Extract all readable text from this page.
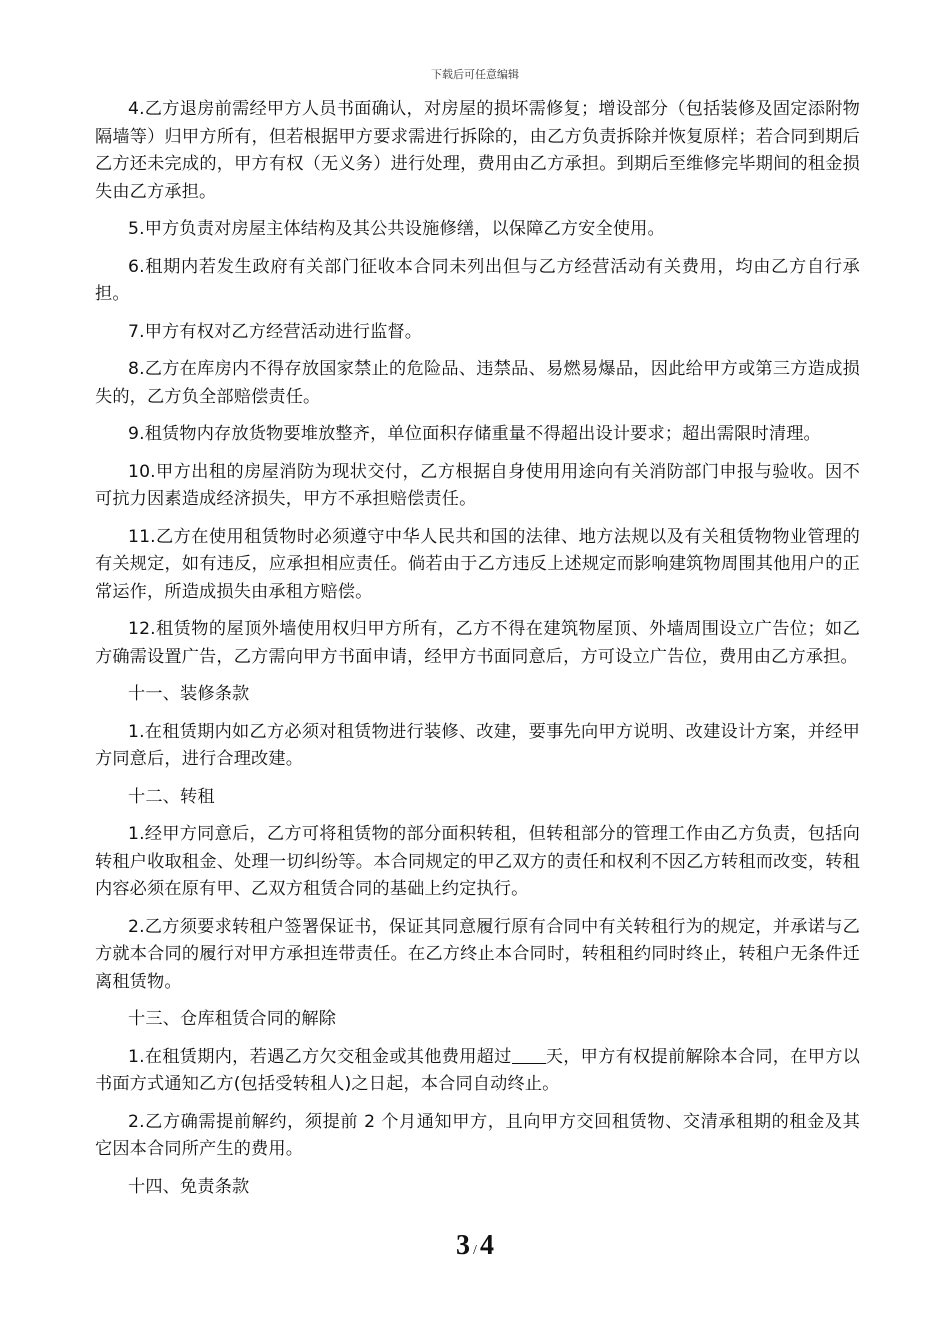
下载后可任意编辑

4.乙方退房前需经甲方人员书面确认，对房屋的损坏需修复；增设部分（包括装修及固定添附物隔墙等）归甲方所有，但若根据甲方要求需进行拆除的，由乙方负责拆除并恢复原样；若合同到期后乙方还未完成的，甲方有权（无义务）进行处理，费用由乙方承担。到期后至维修完毕期间的租金损失由乙方承担。

5.甲方负责对房屋主体结构及其公共设施修缮，以保障乙方安全使用。

6.租期内若发生政府有关部门征收本合同未列出但与乙方经营活动有关费用，均由乙方自行承担。

7.甲方有权对乙方经营活动进行监督。

8.乙方在库房内不得存放国家禁止的危险品、违禁品、易燃易爆品，因此给甲方或第三方造成损失的，乙方负全部赔偿责任。

9.租赁物内存放货物要堆放整齐，单位面积存储重量不得超出设计要求；超出需限时清理。

10.甲方出租的房屋消防为现状交付，乙方根据自身使用用途向有关消防部门申报与验收。因不可抗力因素造成经济损失，甲方不承担赔偿责任。

11.乙方在使用租赁物时必须遵守中华人民共和国的法律、地方法规以及有关租赁物物业管理的有关规定，如有违反，应承担相应责任。倘若由于乙方违反上述规定而影响建筑物周围其他用户的正常运作，所造成损失由承租方赔偿。

12.租赁物的屋顶外墙使用权归甲方所有，乙方不得在建筑物屋顶、外墙周围设立广告位；如乙方确需设置广告，乙方需向甲方书面申请，经甲方书面同意后，方可设立广告位，费用由乙方承担。

十一、装修条款

1.在租赁期内如乙方必须对租赁物进行装修、改建，要事先向甲方说明、改建设计方案，并经甲方同意后，进行合理改建。

十二、转租

1.经甲方同意后，乙方可将租赁物的部分面积转租，但转租部分的管理工作由乙方负责，包括向转租户收取租金、处理一切纠纷等。本合同规定的甲乙双方的责任和权利不因乙方转租而改变，转租内容必须在原有甲、乙双方租赁合同的基础上约定执行。

2.乙方须要求转租户签署保证书，保证其同意履行原有合同中有关转租行为的规定，并承诺与乙方就本合同的履行对甲方承担连带责任。在乙方终止本合同时，转租租约同时终止，转租户无条件迁离租赁物。

十三、仓库租赁合同的解除

1.在租赁期内，若遇乙方欠交租金或其他费用超过 天，甲方有权提前解除本合同，在甲方以书面方式通知乙方(包括受转租人)之日起，本合同自动终止。

2.乙方确需提前解约，须提前 2 个月通知甲方，且向甲方交回租赁物、交清承租期的租金及其它因本合同所产生的费用。

十四、免责条款

3 / 4
